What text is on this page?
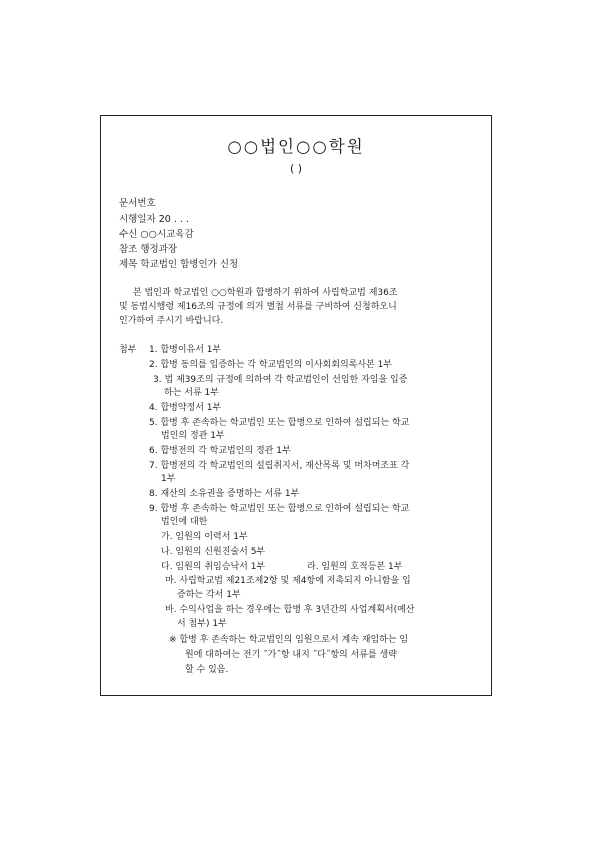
○○법인○○학원
( )
문서번호
시행일자 20 . . .
수신 ○○시교육감
참조 행정과장
제목 학교법인 합병인가 신청
본 법인과 학교법인 ○○학원과 합병하기 위하여 사립학교법 제36조
및 동법시행령 제16조의 규정에 의거 별첨 서류를 구비하여 신청하오니
인가하여 주시기 바랍니다.
첨부 1. 합병이유서 1부
2. 합병 동의를 입증하는 각 학교법인의 이사회회의록사본 1부
3. 법 제39조의 규정에 의하여 각 학교법인이 선임한 자임을 입증
하는 서류 1부
4. 합병약정서 1부
5. 합병 후 존속하는 학교법인 또는 합병으로 인하여 설립되는 학교
법인의 정관 1부
6. 합병전의 각 학교법인의 정관 1부
7. 합병전의 각 학교법인의 설립취지서, 재산목록 및 머차머조표 각
1부
8. 재산의 소유권을 증명하는 서류 1부
9. 합병 후 존속하는 학교법인 또는 합병으로 인하여 설립되는 학교
법인에 대한
가. 임원의 이력서 1부
나. 임원의 신원진술서 5부
다. 임원의 취임승낙서 1부	라. 임원의 호적등본 1부
마. 사립학교법 제21조제2항 및 제4항에 저촉되지 아니함을 입
증하는 각서 1부
바. 수익사업을 하는 경우에는 합병 후 3년간의 사업계획서(예산
서 첨부) 1부
※ 합병 후 존속하는 학교법인의 임원으로서 계속 재임하는 임
원에 대하여는 전기 ˝가˝항 내지 ˝다˝항의 서류를 생략
할 수 있음.
